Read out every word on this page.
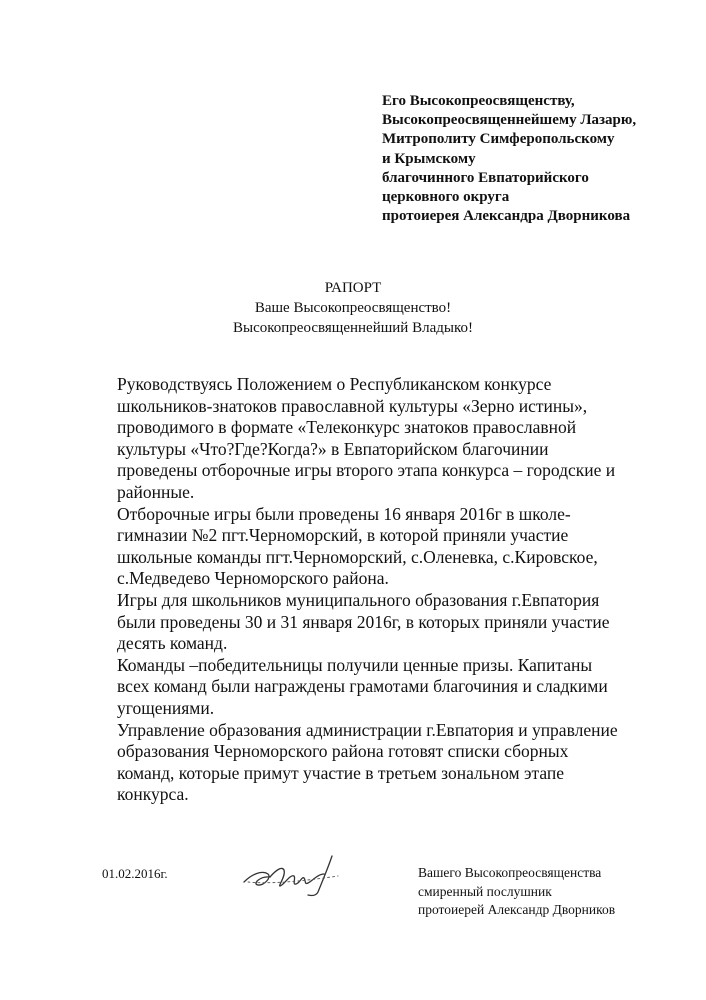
Его Высокопреосвященству,
Высокопреосвященнейшему Лазарю,
Митрополиту Симферопольскому
и Крымскому
благочинного Евпаторийского
церковного округа
протоиерея Александра Дворникова
РАПОРТ
Ваше Высокопреосвященство!
Высокопреосвященнейший Владыко!
Руководствуясь Положением о Республиканском конкурсе
школьников-знатоков православной культуры «Зерно истины»,
проводимого в формате «Телеконкурс знатоков православной
культуры «Что?Где?Когда?» в Евпаторийском благочинии
проведены отборочные игры второго этапа конкурса – городские и
районные.
Отборочные игры были проведены 16 января 2016г в школе-
гимназии №2 пгт.Черноморский, в которой приняли участие
школьные команды пгт.Черноморский, с.Оленевка, с.Кировское,
с.Медведево Черноморского района.
Игры для школьников муниципального образования г.Евпатория
были проведены 30 и 31 января 2016г, в которых приняли участие
десять команд.
Команды –победительницы получили ценные призы. Капитаны
всех команд были награждены грамотами благочиния и сладкими
угощениями.
Управление образования администрации г.Евпатория и управление
образования Черноморского района готовят списки сборных
команд, которые примут участие в третьем зональном этапе
конкурса.
01.02.2016г.	Вашего Высокопреосвященства
смиренный послушник
протоиерей Александр Дворников
